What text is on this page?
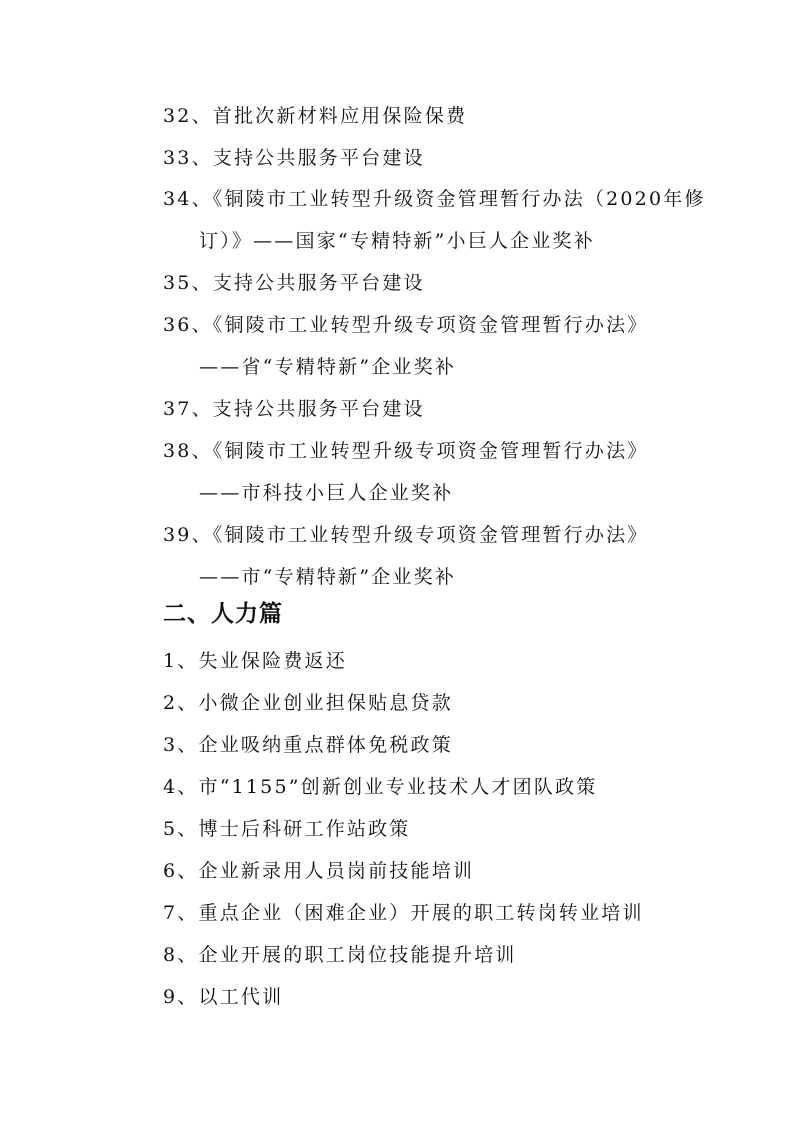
32、首批次新材料应用保险保费
33、支持公共服务平台建设
34、《铜陵市工业转型升级资金管理暂行办法（2020年修
订）》——国家“专精特新”小巨人企业奖补
35、支持公共服务平台建设
36、《铜陵市工业转型升级专项资金管理暂行办法》
——省“专精特新”企业奖补
37、支持公共服务平台建设
38、《铜陵市工业转型升级专项资金管理暂行办法》
——市科技小巨人企业奖补
39、《铜陵市工业转型升级专项资金管理暂行办法》
——市“专精特新”企业奖补
二、人力篇
1、失业保险费返还
2、小微企业创业担保贴息贷款
3、企业吸纳重点群体免税政策
4、市“1155”创新创业专业技术人才团队政策
5、博士后科研工作站政策
6、企业新录用人员岗前技能培训
7、重点企业（困难企业）开展的职工转岗转业培训
8、企业开展的职工岗位技能提升培训
9、以工代训
